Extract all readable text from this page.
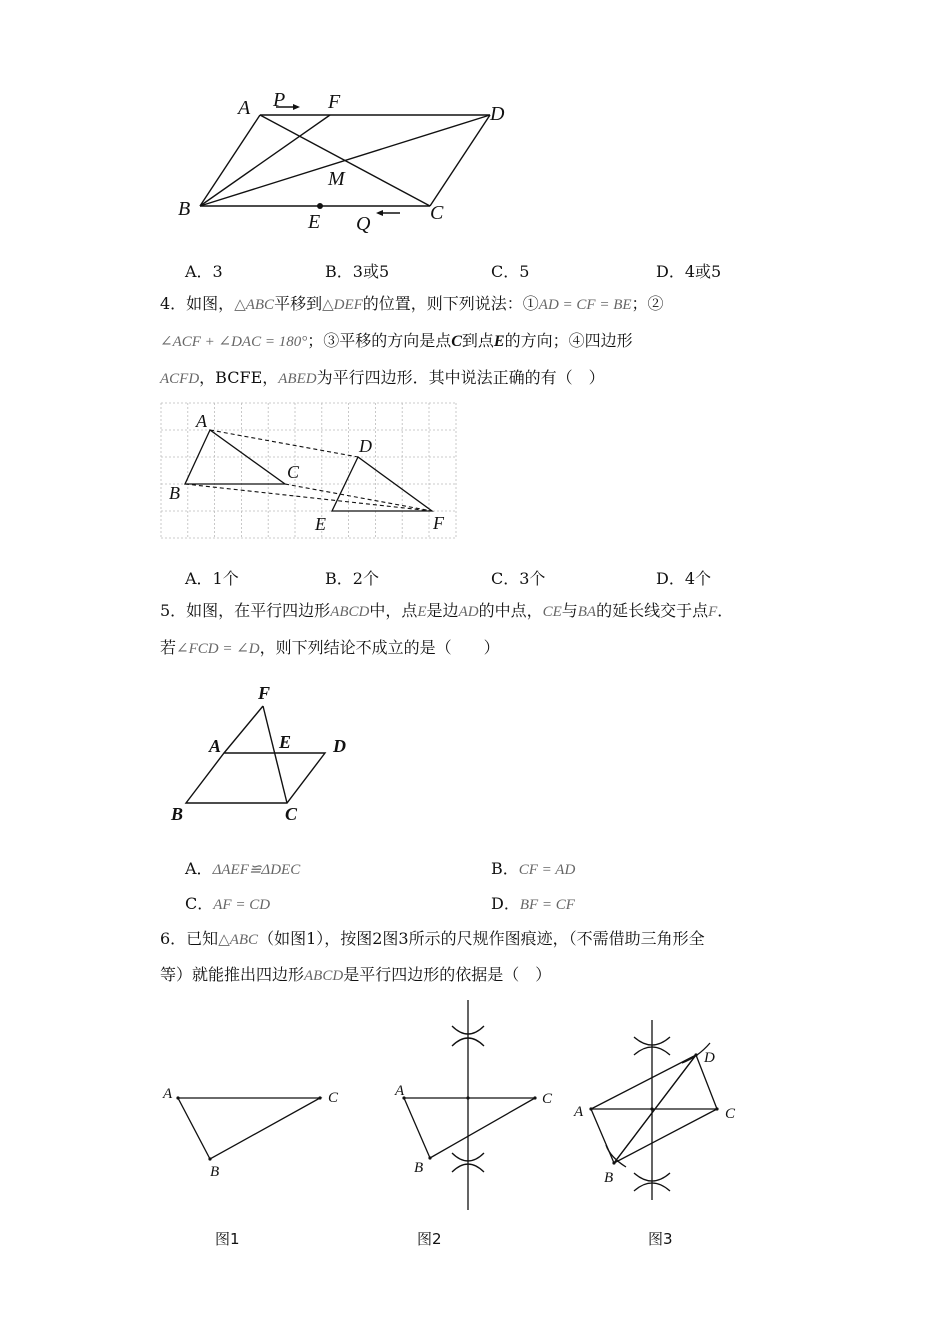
A P F
D
B
M
E Q	C
A．3	B．3或5	C．5	D．4或5
4．如图，△ABC平移到△DEF的位置，则下列说法：①AD = CF = BE；②
∠ACF + ∠DAC = 180°；③平移的方向是点C到点E的方向；④四边形
ACFD，BCFE，ABED为平行四边形．其中说法正确的有（　）
A
B
C
D
E	F
A．1个	B．2个	C．3个	D．4个
5．如图，在平行四边形ABCD中，点E是边AD的中点，CE与BA的延长线交于点F．
若∠FCD = ∠D，则下列结论不成立的是（　　）
F
A	E D
B	C
A．ΔAEF≌ΔDEC	B．CF = AD
C．AF = CD	D．BF = CF
6．已知△ABC（如图1），按图2图3所示的尺规作图痕迹，（不需借助三角形全
等）就能推出四边形ABCD是平行四边形的依据是（　）
A	C
B
A	C
B
A	C
D
B
图1	图2	图3
